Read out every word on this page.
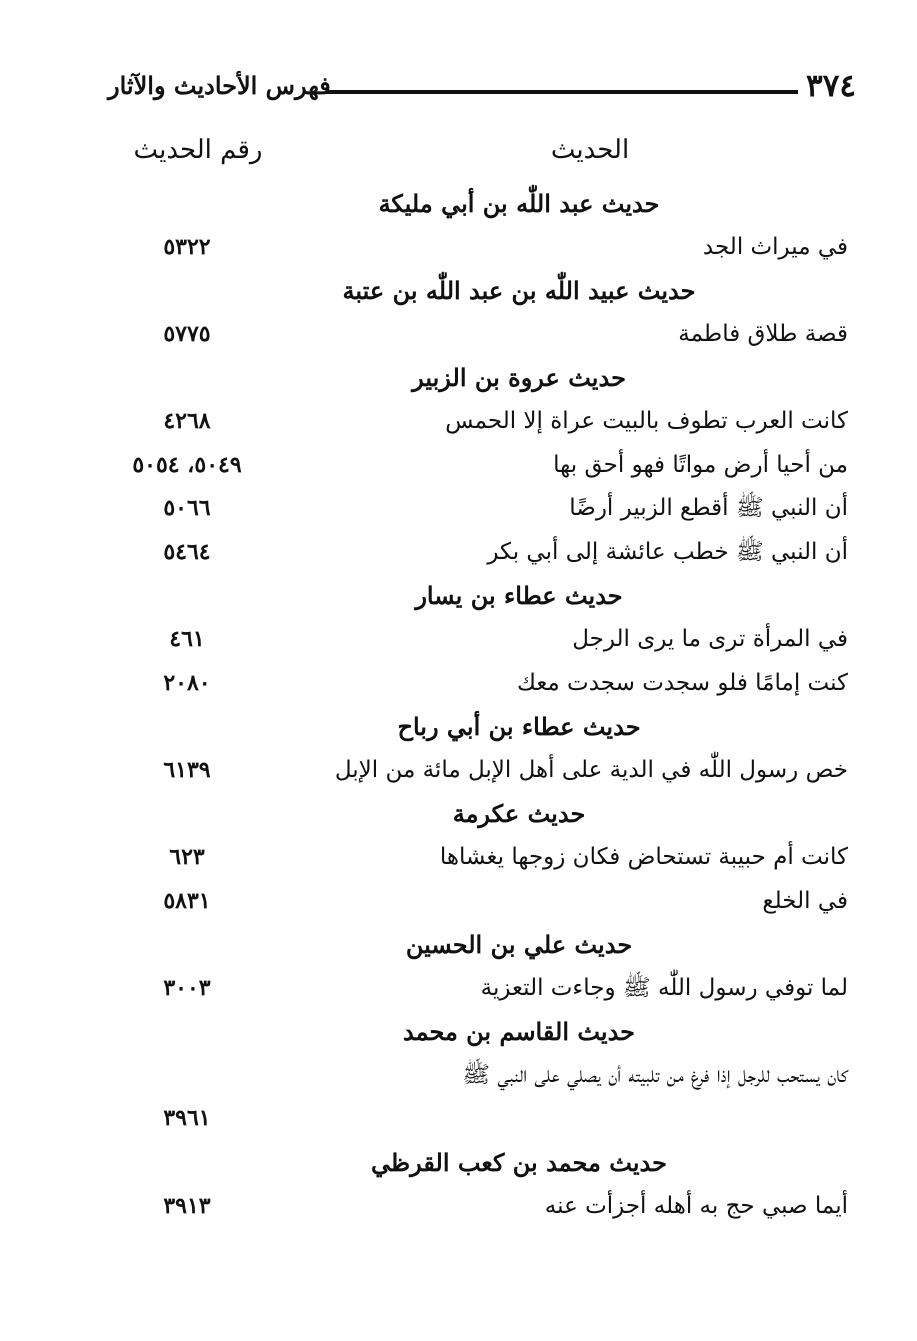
٣٧٤
فهرس الأحاديث والآثار
الحديث
رقم الحديث
حديث عبد اللّٰه بن أبي مليكة
في ميراث الجد
٥٣٢٢
حديث عبيد اللّٰه بن عبد اللّٰه بن عتبة
قصة طلاق فاطمة
٥٧٧٥
حديث عروة بن الزبير
كانت العرب تطوف بالبيت عراة إلا الحمس
٤٢٦٨
من أحيا أرض مواتًا فهو أحق بها
٥٠٤٩، ٥٠٥٤
أن النبي ﷺ أقطع الزبير أرضًا
٥٠٦٦
أن النبي ﷺ خطب عائشة إلى أبي بكر
٥٤٦٤
حديث عطاء بن يسار
في المرأة ترى ما يرى الرجل
٤٦١
كنت إمامًا فلو سجدت سجدت معك
٢٠٨٠
حديث عطاء بن أبي رباح
خص رسول اللّٰه في الدية على أهل الإبل مائة من الإبل
٦١٣٩
حديث عكرمة
كانت أم حبيبة تستحاض فكان زوجها يغشاها
٦٢٣
في الخلع
٥٨٣١
حديث علي بن الحسين
لما توفي رسول اللّٰه ﷺ وجاءت التعزية
٣٠٠٣
حديث القاسم بن محمد
كان يستحب للرجل إذا فرغ من تلبيته أن يصلي على النبي ﷺ
٣٩٦١
حديث محمد بن كعب القرظي
أيما صبي حج به أهله أجزأت عنه
٣٩١٣
